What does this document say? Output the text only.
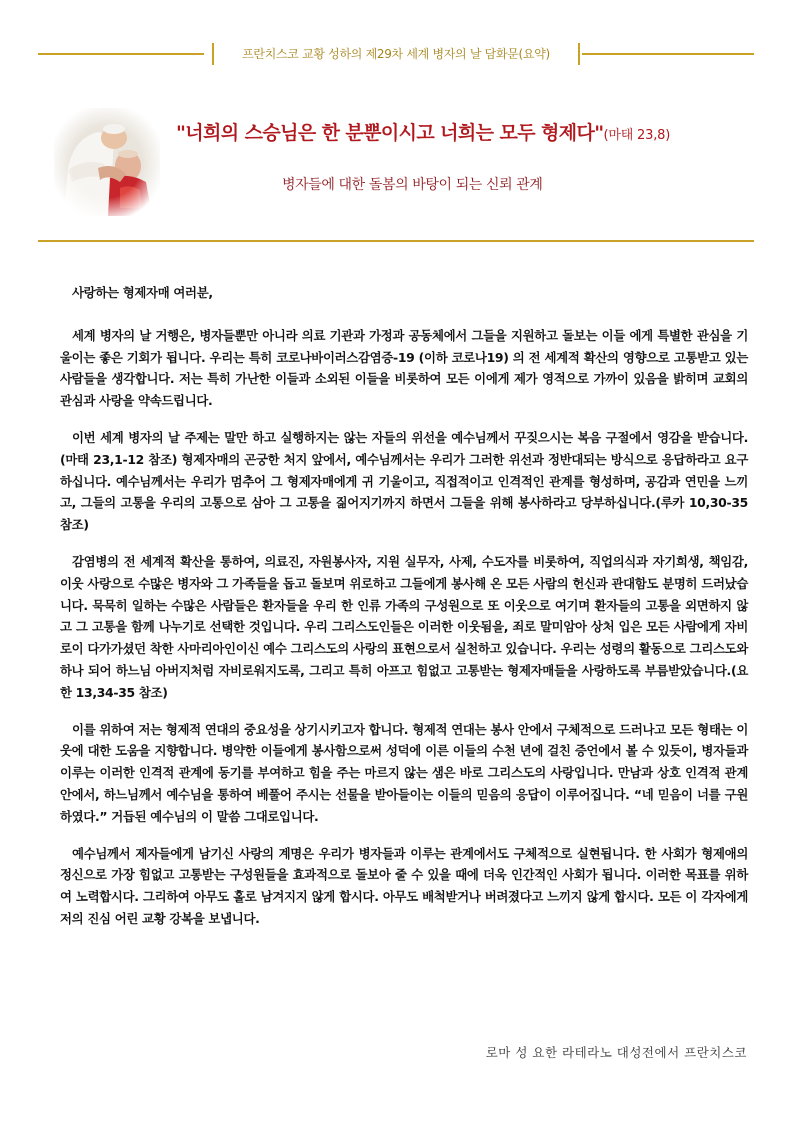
프란치스코 교황 성하의 제29차 세계 병자의 날 담화문(요약)
"너희의 스승님은 한 분뿐이시고 너희는 모두 형제다"(마태 23,8)
병자들에 대한 돌봄의 바탕이 되는 신뢰 관계

사랑하는 형제자매 여러분,

세계 병자의 날 거행은, 병자들뿐만 아니라 의료 기관과 가정과 공동체에서 그들을 지원하고 돌보는 이들 에게 특별한 관심을 기울이는 좋은 기회가 됩니다. 우리는 특히 코로나바이러스감염증-19 (이하 코로나19) 의 전 세계적 확산의 영향으로 고통받고 있는 사람들을 생각합니다. 저는 특히 가난한 이들과 소외된 이들을 비롯하여 모든 이에게 제가 영적으로 가까이 있음을 밝히며 교회의 관심과 사랑을 약속드립니다.

이번 세계 병자의 날 주제는 말만 하고 실행하지는 않는 자들의 위선을 예수님께서 꾸짖으시는 복음 구절에서 영감을 받습니다.(마태 23,1-12 참조) 형제자매의 곤궁한 처지 앞에서, 예수님께서는 우리가 그러한 위선과 정반대되는 방식으로 응답하라고 요구하십니다. 예수님께서는 우리가 멈추어 그 형제자매에게 귀 기울이고, 직접적이고 인격적인 관계를 형성하며, 공감과 연민을 느끼고, 그들의 고통을 우리의 고통으로 삼아 그 고통을 짊어지기까지 하면서 그들을 위해 봉사하라고 당부하십니다.(루카 10,30-35 참조)

감염병의 전 세계적 확산을 통하여, 의료진, 자원봉사자, 지원 실무자, 사제, 수도자를 비롯하여, 직업의식과 자기희생, 책임감, 이웃 사랑으로 수많은 병자와 그 가족들을 돕고 돌보며 위로하고 그들에게 봉사해 온 모든 사람의 헌신과 관대함도 분명히 드러났습니다. 묵묵히 일하는 수많은 사람들은 환자들을 우리 한 인류 가족의 구성원으로 또 이웃으로 여기며 환자들의 고통을 외면하지 않고 그 고통을 함께 나누기로 선택한 것입니다. 우리 그리스도인들은 이러한 이웃됨을, 죄로 말미암아 상처 입은 모든 사람에게 자비로이 다가가셨던 착한 사마리아인이신 예수 그리스도의 사랑의 표현으로서 실천하고 있습니다. 우리는 성령의 활동으로 그리스도와 하나 되어 하느님 아버지처럼 자비로워지도록, 그리고 특히 아프고 힘없고 고통받는 형제자매들을 사랑하도록 부름받았습니다.(요한 13,34-35 참조)

이를 위하여 저는 형제적 연대의 중요성을 상기시키고자 합니다. 형제적 연대는 봉사 안에서 구체적으로 드러나고 모든 형태는 이웃에 대한 도움을 지향합니다. 병약한 이들에게 봉사함으로써 성덕에 이른 이들의 수천 년에 걸친 증언에서 볼 수 있듯이, 병자들과 이루는 이러한 인격적 관계에 동기를 부여하고 힘을 주는 마르지 않는 샘은 바로 그리스도의 사랑입니다. 만남과 상호 인격적 관계 안에서, 하느님께서 예수님을 통하여 베풀어 주시는 선물을 받아들이는 이들의 믿음의 응답이 이루어집니다. “네 믿음이 너를 구원하였다.” 거듭된 예수님의 이 말씀 그대로입니다.

예수님께서 제자들에게 남기신 사랑의 계명은 우리가 병자들과 이루는 관계에서도 구체적으로 실현됩니다. 한 사회가 형제애의 정신으로 가장 힘없고 고통받는 구성원들을 효과적으로 돌보아 줄 수 있을 때에 더욱 인간적인 사회가 됩니다. 이러한 목표를 위하여 노력합시다. 그리하여 아무도 홀로 남겨지지 않게 합시다. 아무도 배척받거나 버려졌다고 느끼지 않게 합시다. 모든 이 각자에게 저의 진심 어린 교황 강복을 보냅니다.

로마 성 요한 라테라노 대성전에서 프란치스코
